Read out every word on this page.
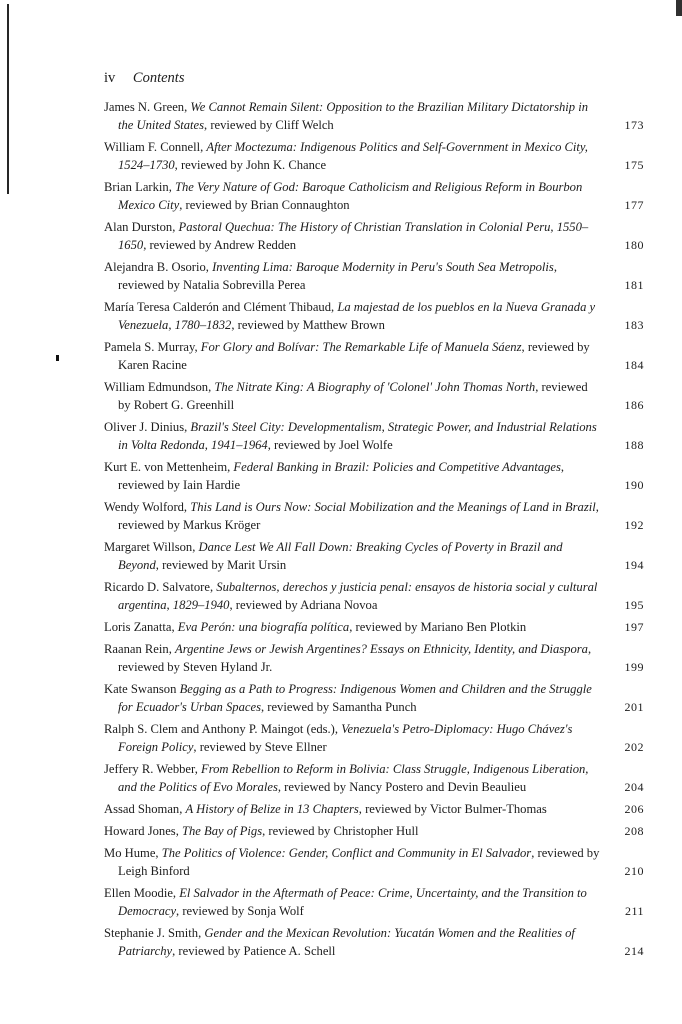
iv Contents
James N. Green, We Cannot Remain Silent: Opposition to the Brazilian Military Dictatorship in the United States, reviewed by Cliff Welch	173
William F. Connell, After Moctezuma: Indigenous Politics and Self-Government in Mexico City, 1524–1730, reviewed by John K. Chance	175
Brian Larkin, The Very Nature of God: Baroque Catholicism and Religious Reform in Bourbon Mexico City, reviewed by Brian Connaughton	177
Alan Durston, Pastoral Quechua: The History of Christian Translation in Colonial Peru, 1550–1650, reviewed by Andrew Redden	180
Alejandra B. Osorio, Inventing Lima: Baroque Modernity in Peru's South Sea Metropolis, reviewed by Natalia Sobrevilla Perea	181
María Teresa Calderón and Clément Thibaud, La majestad de los pueblos en la Nueva Granada y Venezuela, 1780–1832, reviewed by Matthew Brown	183
Pamela S. Murray, For Glory and Bolívar: The Remarkable Life of Manuela Sáenz, reviewed by Karen Racine	184
William Edmundson, The Nitrate King: A Biography of 'Colonel' John Thomas North, reviewed by Robert G. Greenhill	186
Oliver J. Dinius, Brazil's Steel City: Developmentalism, Strategic Power, and Industrial Relations in Volta Redonda, 1941–1964, reviewed by Joel Wolfe	188
Kurt E. von Mettenheim, Federal Banking in Brazil: Policies and Competitive Advantages, reviewed by Iain Hardie	190
Wendy Wolford, This Land is Ours Now: Social Mobilization and the Meanings of Land in Brazil, reviewed by Markus Kröger	192
Margaret Willson, Dance Lest We All Fall Down: Breaking Cycles of Poverty in Brazil and Beyond, reviewed by Marit Ursin	194
Ricardo D. Salvatore, Subalternos, derechos y justicia penal: ensayos de historia social y cultural argentina, 1829–1940, reviewed by Adriana Novoa	195
Loris Zanatta, Eva Perón: una biografía política, reviewed by Mariano Ben Plotkin	197
Raanan Rein, Argentine Jews or Jewish Argentines? Essays on Ethnicity, Identity, and Diaspora, reviewed by Steven Hyland Jr.	199
Kate Swanson Begging as a Path to Progress: Indigenous Women and Children and the Struggle for Ecuador's Urban Spaces, reviewed by Samantha Punch	201
Ralph S. Clem and Anthony P. Maingot (eds.), Venezuela's Petro-Diplomacy: Hugo Chávez's Foreign Policy, reviewed by Steve Ellner	202
Jeffery R. Webber, From Rebellion to Reform in Bolivia: Class Struggle, Indigenous Liberation, and the Politics of Evo Morales, reviewed by Nancy Postero and Devin Beaulieu	204
Assad Shoman, A History of Belize in 13 Chapters, reviewed by Victor Bulmer-Thomas	206
Howard Jones, The Bay of Pigs, reviewed by Christopher Hull	208
Mo Hume, The Politics of Violence: Gender, Conflict and Community in El Salvador, reviewed by Leigh Binford	210
Ellen Moodie, El Salvador in the Aftermath of Peace: Crime, Uncertainty, and the Transition to Democracy, reviewed by Sonja Wolf	211
Stephanie J. Smith, Gender and the Mexican Revolution: Yucatán Women and the Realities of Patriarchy, reviewed by Patience A. Schell	214
